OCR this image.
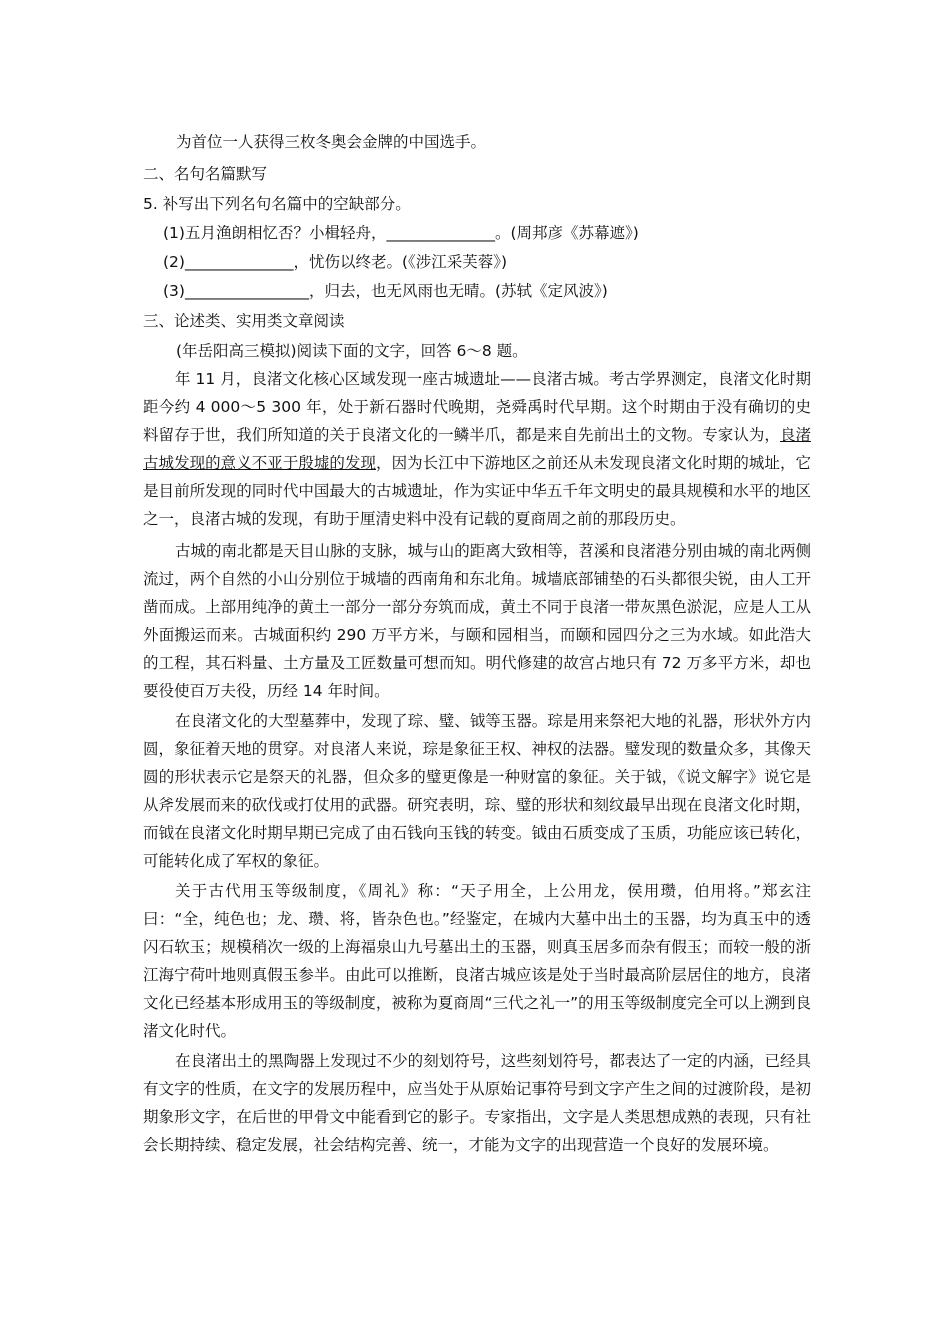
为首位一人获得三枚冬奥会金牌的中国选手。
二、名句名篇默写
5. 补写出下列名句名篇中的空缺部分。
(1)五月渔朗相忆否？小楫轻舟，______________。(周邦彦《苏幕遮》)
(2)______________，忧伤以终老。(《涉江采芙蓉》)
(3)________________，归去，也无风雨也无晴。(苏轼《定风波》)
三、论述类、实用类文章阅读
(年岳阳高三模拟)阅读下面的文字，回答 6～8 题。

年 11 月，良渚文化核心区域发现一座古城遗址——良渚古城。考古学界测定，良渚文化时期距今约 4 000～5 300 年，处于新石器时代晚期，尧舜禹时代早期。这个时期由于没有确切的史料留存于世，我们所知道的关于良渚文化的一鳞半爪，都是来自先前出土的文物。专家认为，良渚古城发现的意义不亚于殷墟的发现，因为长江中下游地区之前还从未发现良渚文化时期的城址，它是目前所发现的同时代中国最大的古城遗址，作为实证中华五千年文明史的最具规模和水平的地区之一，良渚古城的发现，有助于厘清史料中没有记载的夏商周之前的那段历史。

古城的南北都是天目山脉的支脉，城与山的距离大致相等，苕溪和良渚港分别由城的南北两侧流过，两个自然的小山分别位于城墙的西南角和东北角。城墙底部铺垫的石头都很尖锐，由人工开凿而成。上部用纯净的黄土一部分一部分夯筑而成，黄土不同于良渚一带灰黑色淤泥，应是人工从外面搬运而来。古城面积约 290 万平方米，与颐和园相当，而颐和园四分之三为水域。如此浩大的工程，其石料量、土方量及工匠数量可想而知。明代修建的故宫占地只有 72 万多平方米，却也要役使百万夫役，历经 14 年时间。

在良渚文化的大型墓葬中，发现了琮、璧、钺等玉器。琮是用来祭祀大地的礼器，形状外方内圆，象征着天地的贯穿。对良渚人来说，琮是象征王权、神权的法器。璧发现的数量众多，其像天圆的形状表示它是祭天的礼器，但众多的璧更像是一种财富的象征。关于钺，《说文解字》说它是从斧发展而来的砍伐或打仗用的武器。研究表明，琮、璧的形状和刻纹最早出现在良渚文化时期，而钺在良渚文化时期早期已完成了由石钱向玉钱的转变。钺由石质变成了玉质，功能应该已转化，可能转化成了军权的象征。

关于古代用玉等级制度，《周礼》称：“天子用全，上公用龙，侯用瓒，伯用将。”郑玄注曰：“全，纯色也；龙、瓒、将，皆杂色也。”经鉴定，在城内大墓中出土的玉器，均为真玉中的透闪石软玉；规模稍次一级的上海福泉山九号墓出土的玉器，则真玉居多而杂有假玉；而较一般的浙江海宁荷叶地则真假玉参半。由此可以推断，良渚古城应该是处于当时最高阶层居住的地方，良渚文化已经基本形成用玉的等级制度，被称为夏商周“三代之礼一”的用玉等级制度完全可以上溯到良渚文化时代。

在良渚出土的黑陶器上发现过不少的刻划符号，这些刻划符号，都表达了一定的内涵，已经具有文字的性质，在文字的发展历程中，应当处于从原始记事符号到文字产生之间的过渡阶段，是初期象形文字，在后世的甲骨文中能看到它的影子。专家指出，文字是人类思想成熟的表现，只有社会长期持续、稳定发展，社会结构完善、统一，才能为文字的出现营造一个良好的发展环境。
